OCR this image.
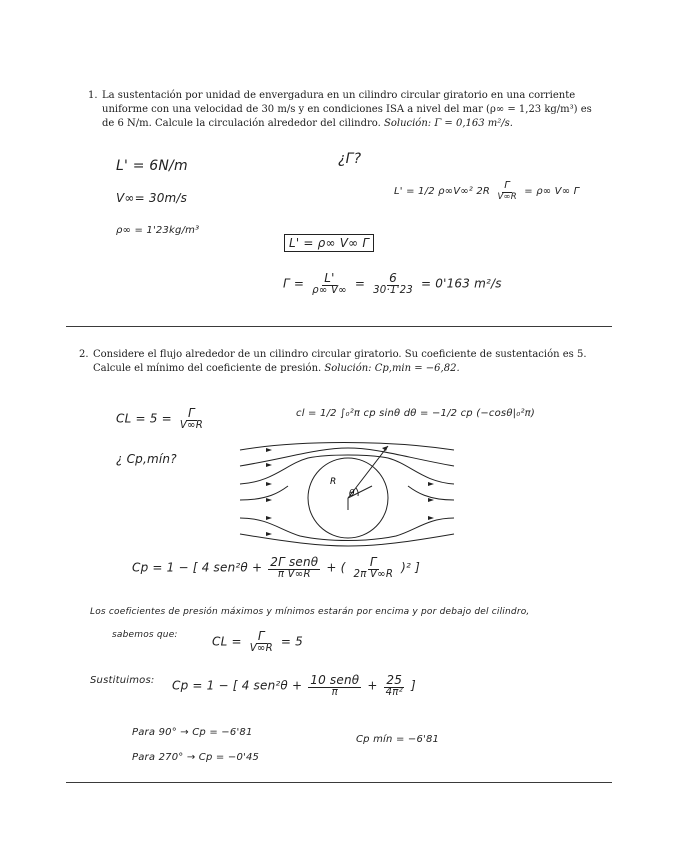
1. La sustentación por unidad de envergadura en un cilindro circular giratorio en una corriente
uniforme con una velocidad de 30 m/s y en condiciones ISA a nivel del mar (ρ∞ = 1,23 kg/m³) es
de 6 N/m. Calcule la circulación alrededor del cilindro. Solución: Γ = 0,163 m²/s.
L' = 6N/m
V∞= 30m/s
ρ∞ = 1'23kg/m³
¿Γ?
L' = 1/2 ρ∞V∞² $2R \frac{\Gamma}{V\infty R} = \rho\infty$ V∞ Γ
L' = ρ∞ V∞ Γ
$\Gamma = \frac{L'}{\rho\infty V\infty} = \frac{6}{30\cdot 1'23} = 0'163$ m²/s
2. Considere el flujo alrededor de un cilindro circular giratorio. Su coeficiente de sustentación es 5.
Calcule el mínimo del coeficiente de presión. Solución: Cp,min = −6,82.
CL = $5 = \frac{\Gamma}{V\infty R}$	cl = 1/2 ∫₀²π cp sinθ dθ = −1/2 cp (−cosθ|₀²π)
¿ Cp,mín?
R
θ
Cp = 1 − [ 4 $sen^2\theta + \frac{\text{2Γ senθ}}{\text{π V∞R}}$ + ( $\frac{\Gamma}{\text{2π V∞R}} )^2$ ]
Los coeficientes de presión máximos y mínimos estarán por encima y por debajo del cilindro,
sabemos que:	CL = $\frac{\Gamma}{V\infty R} = 5$
Sustituimos: Cp = 1 − [ 4 $sen^2\theta + \frac{\text{10 senθ}}{\pi} + \frac{25}{\text{4π²}}$ ]
Para 90° → Cp = −6'81
Para 270° → Cp = −0'45
Cp mín = −6'81
